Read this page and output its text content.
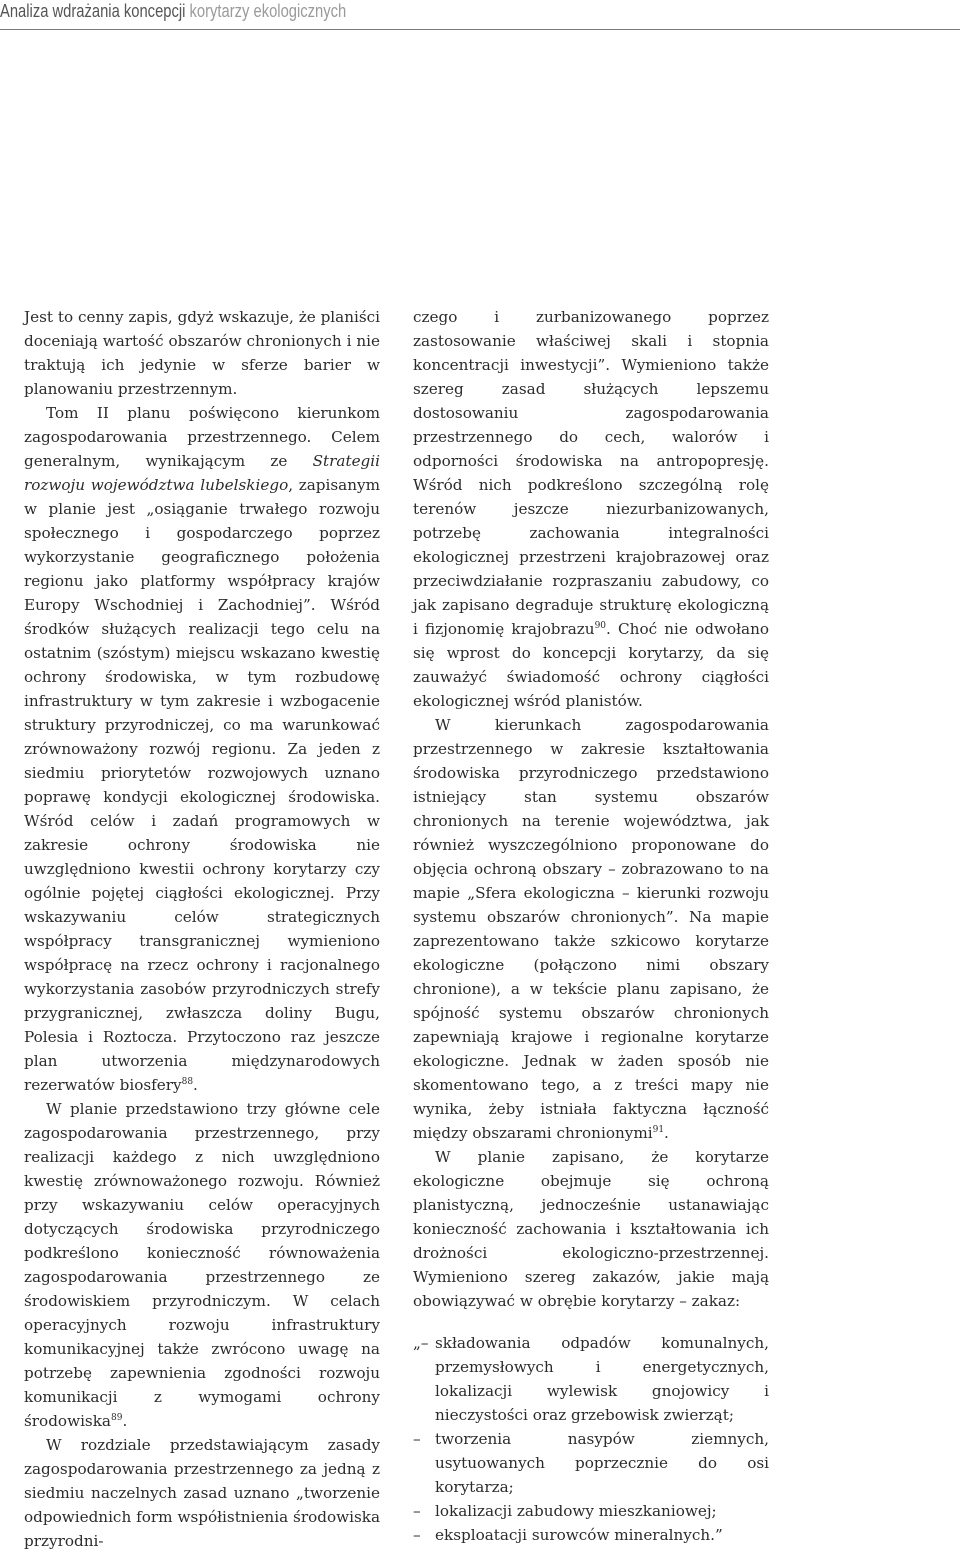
Analiza wdrażania koncepcji korytarzy ekologicznych

Jest to cenny zapis, gdyż wskazuje, że planiści doceniają wartość obszarów chronionych i nie traktują ich jedynie w sferze barier w planowaniu przestrzennym.

Tom II planu poświęcono kierunkom zagospodarowania przestrzennego. Celem generalnym, wynikającym ze Strategii rozwoju województwa lubelskiego, zapisanym w planie jest „osiąganie trwałego rozwoju społecznego i gospodarczego poprzez wykorzystanie geograficznego położenia regionu jako platformy współpracy krajów Europy Wschodniej i Zachodniej”. Wśród środków służących realizacji tego celu na ostatnim (szóstym) miejscu wskazano kwestię ochrony środowiska, w tym rozbudowę infrastruktury w tym zakresie i wzbogacenie struktury przyrodniczej, co ma warunkować zrównoważony rozwój regionu. Za jeden z siedmiu priorytetów rozwojowych uznano poprawę kondycji ekologicznej środowiska. Wśród celów i zadań programowych w zakresie ochrony środowiska nie uwzględniono kwestii ochrony korytarzy czy ogólnie pojętej ciągłości ekologicznej. Przy wskazywaniu celów strategicznych współpracy transgranicznej wymieniono współpracę na rzecz ochrony i racjonalnego wykorzystania zasobów przyrodniczych strefy przygranicznej, zwłaszcza doliny Bugu, Polesia i Roztocza. Przytoczono raz jeszcze plan utworzenia międzynarodowych rezerwatów biosfery$^{88}$.

W planie przedstawiono trzy główne cele zagospodarowania przestrzennego, przy realizacji każdego z nich uwzględniono kwestię zrównoważonego rozwoju. Również przy wskazywaniu celów operacyjnych dotyczących środowiska przyrodniczego podkreślono konieczność równoważenia zagospodarowania przestrzennego ze środowiskiem przyrodniczym. W celach operacyjnych rozwoju infrastruktury komunikacyjnej także zwrócono uwagę na potrzebę zapewnienia zgodności rozwoju komunikacji z wymogami ochrony środowiska$^{89}$.

W rozdziale przedstawiającym zasady zagospodarowania przestrzennego za jedną z siedmiu naczelnych zasad uznano „tworzenie odpowiednich form współistnienia środowiska przyrodni-

czego i zurbanizowanego poprzez zastosowanie właściwej skali i stopnia koncentracji inwestycji”. Wymieniono także szereg zasad służących lepszemu dostosowaniu zagospodarowania przestrzennego do cech, walorów i odporności środowiska na antropopresję. Wśród nich podkreślono szczególną rolę terenów jeszcze niezurbanizowanych, potrzebę zachowania integralności ekologicznej przestrzeni krajobrazowej oraz przeciwdziałanie rozpraszaniu zabudowy, co jak zapisano degraduje strukturę ekologiczną i fizjonomię krajobrazu$^{90}$. Choć nie odwołano się wprost do koncepcji korytarzy, da się zauważyć świadomość ochrony ciągłości ekologicznej wśród planistów.

W kierunkach zagospodarowania przestrzennego w zakresie kształtowania środowiska przyrodniczego przedstawiono istniejący stan systemu obszarów chronionych na terenie województwa, jak również wyszczególniono proponowane do objęcia ochroną obszary – zobrazowano to na mapie „Sfera ekologiczna – kierunki rozwoju systemu obszarów chronionych”. Na mapie zaprezentowano także szkicowo korytarze ekologiczne (połączono nimi obszary chronione), a w tekście planu zapisano, że spójność systemu obszarów chronionych zapewniają krajowe i regionalne korytarze ekologiczne. Jednak w żaden sposób nie skomentowano tego, a z treści mapy nie wynika, żeby istniała faktyczna łączność między obszarami chronionymi$^{91}$.

W planie zapisano, że korytarze ekologiczne obejmuje się ochroną planistyczną, jednocześnie ustanawiając konieczność zachowania i kształtowania ich drożności ekologiczno-przestrzennej. Wymieniono szereg zakazów, jakie mają obowiązywać w obrębie korytarzy – zakaz:

„– składowania odpadów komunalnych, przemysłowych i energetycznych, lokalizacji wylewisk gnojowicy i nieczystości oraz grzebowisk zwierząt;
– tworzenia nasypów ziemnych, usytuowanych poprzecznie do osi korytarza;
– lokalizacji zabudowy mieszkaniowej;
– eksploatacji surowców mineralnych.”
